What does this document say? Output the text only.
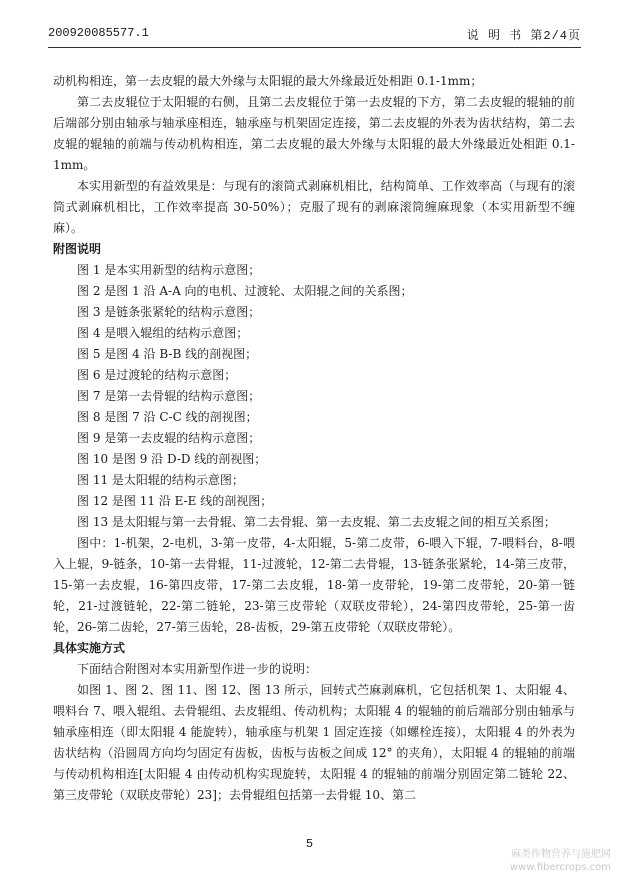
200920085577.1	说 明 书 第2/4页

动机构相连，第一去皮辊的最大外缘与太阳辊的最大外缘最近处相距 0.1-1mm；

第二去皮辊位于太阳辊的右侧，且第二去皮辊位于第一去皮辊的下方，第二去皮辊的辊轴的前后端部分别由轴承与轴承座相连，轴承座与机架固定连接，第二去皮辊的外表为齿状结构，第二去皮辊的辊轴的前端与传动机构相连，第二去皮辊的最大外缘与太阳辊的最大外缘最近处相距 0.1-1mm。

本实用新型的有益效果是：与现有的滚筒式剥麻机相比，结构简单、工作效率高（与现有的滚筒式剥麻机相比，工作效率提高 30-50%）；克服了现有的剥麻滚筒缠麻现象（本实用新型不缠麻）。

附图说明

图 1 是本实用新型的结构示意图；

图 2 是图 1 沿 A-A 向的电机、过渡轮、太阳辊之间的关系图；

图 3 是链条张紧轮的结构示意图；

图 4 是喂入辊组的结构示意图；

图 5 是图 4 沿 B-B 线的剖视图；

图 6 是过渡轮的结构示意图；

图 7 是第一去骨辊的结构示意图；

图 8 是图 7 沿 C-C 线的剖视图；

图 9 是第一去皮辊的结构示意图；

图 10 是图 9 沿 D-D 线的剖视图；

图 11 是太阳辊的结构示意图；

图 12 是图 11 沿 E-E 线的剖视图；

图 13 是太阳辊与第一去骨辊、第二去骨辊、第一去皮辊、第二去皮辊之间的相互关系图；

图中：1-机架，2-电机，3-第一皮带，4-太阳辊，5-第二皮带，6-喂入下辊，7-喂料台，8-喂入上辊，9-链条，10-第一去骨辊，11-过渡轮，12-第二去骨辊，13-链条张紧轮，14-第三皮带，15-第一去皮辊，16-第四皮带，17-第二去皮辊，18-第一皮带轮，19-第二皮带轮，20-第一链轮，21-过渡链轮，22-第二链轮，23-第三皮带轮（双联皮带轮），24-第四皮带轮，25-第一齿轮，26-第二齿轮，27-第三齿轮，28-齿板，29-第五皮带轮（双联皮带轮）。

具体实施方式

下面结合附图对本实用新型作进一步的说明：

如图 1、图 2、图 11、图 12、图 13 所示，回转式苎麻剥麻机，它包括机架 1、太阳辊 4、喂料台 7、喂入辊组、去骨辊组、去皮辊组、传动机构；太阳辊 4 的辊轴的前后端部分别由轴承与轴承座相连（即太阳辊 4 能旋转），轴承座与机架 1 固定连接（如螺栓连接），太阳辊 4 的外表为齿状结构（沿圆周方向均匀固定有齿板，齿板与齿板之间成 12° 的夹角），太阳辊 4 的辊轴的前端与传动机构相连[太阳辊 4 由传动机构实现旋转，太阳辊 4 的辊轴的前端分别固定第二链轮 22、第三皮带轮（双联皮带轮）23]；去骨辊组包括第一去骨辊 10、第二

5
麻类作物营养与施肥网
www.fibercrops.com
